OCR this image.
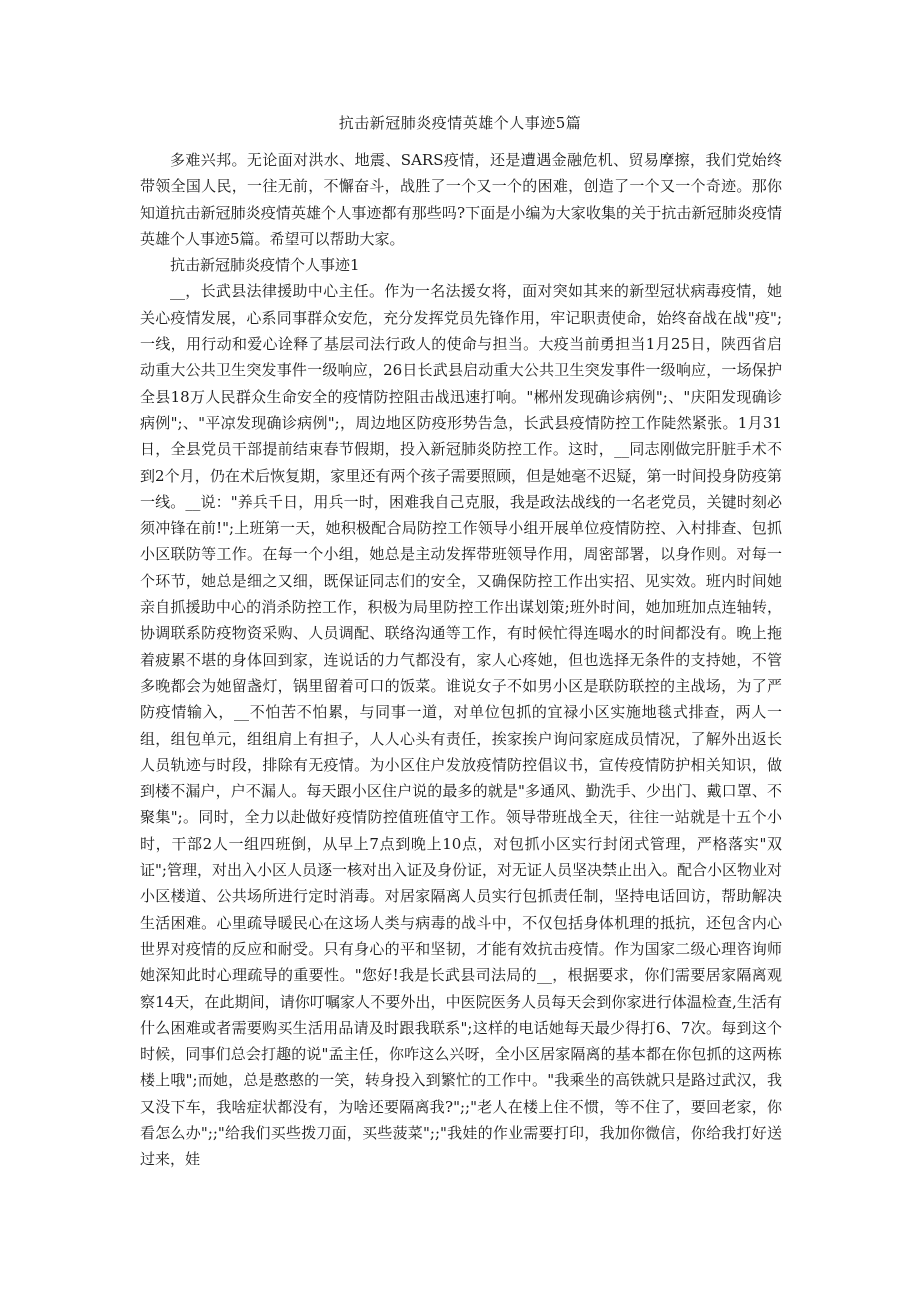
抗击新冠肺炎疫情英雄个人事迹5篇

多难兴邦。无论面对洪水、地震、SARS疫情，还是遭遇金融危机、贸易摩擦，我们党始终带领全国人民，一往无前，不懈奋斗，战胜了一个又一个的困难，创造了一个又一个奇迹。那你知道抗击新冠肺炎疫情英雄个人事迹都有那些吗?下面是小编为大家收集的关于抗击新冠肺炎疫情英雄个人事迹5篇。希望可以帮助大家。

抗击新冠肺炎疫情个人事迹1

__，长武县法律援助中心主任。作为一名法援女将，面对突如其来的新型冠状病毒疫情，她关心疫情发展，心系同事群众安危，充分发挥党员先锋作用，牢记职责使命，始终奋战在战"疫";一线，用行动和爱心诠释了基层司法行政人的使命与担当。大疫当前勇担当1月25日，陕西省启动重大公共卫生突发事件一级响应，26日长武县启动重大公共卫生突发事件一级响应，一场保护全县18万人民群众生命安全的疫情防控阻击战迅速打响。"郴州发现确诊病例";、"庆阳发现确诊病例";、"平凉发现确诊病例";，周边地区防疫形势告急，长武县疫情防控工作陡然紧张。1月31日，全县党员干部提前结束春节假期，投入新冠肺炎防控工作。这时，__同志刚做完肝脏手术不到2个月，仍在术后恢复期，家里还有两个孩子需要照顾，但是她毫不迟疑，第一时间投身防疫第一线。__说："养兵千日，用兵一时，困难我自己克服，我是政法战线的一名老党员，关键时刻必须冲锋在前!";上班第一天，她积极配合局防控工作领导小组开展单位疫情防控、入村排查、包抓小区联防等工作。在每一个小组，她总是主动发挥带班领导作用，周密部署，以身作则。对每一个环节，她总是细之又细，既保证同志们的安全，又确保防控工作出实招、见实效。班内时间她亲自抓援助中心的消杀防控工作，积极为局里防控工作出谋划策;班外时间，她加班加点连轴转，协调联系防疫物资采购、人员调配、联络沟通等工作，有时候忙得连喝水的时间都没有。晚上拖着疲累不堪的身体回到家，连说话的力气都没有，家人心疼她，但也选择无条件的支持她，不管多晚都会为她留盏灯，锅里留着可口的饭菜。谁说女子不如男小区是联防联控的主战场，为了严防疫情输入，__不怕苦不怕累，与同事一道，对单位包抓的宜禄小区实施地毯式排查，两人一组，组包单元，组组肩上有担子，人人心头有责任，挨家挨户询问家庭成员情况，了解外出返长人员轨迹与时段，排除有无疫情。为小区住户发放疫情防控倡议书，宣传疫情防护相关知识，做到楼不漏户，户不漏人。每天跟小区住户说的最多的就是"多通风、勤洗手、少出门、戴口罩、不聚集";。同时，全力以赴做好疫情防控值班值守工作。领导带班战全天，往往一站就是十五个小时，干部2人一组四班倒，从早上7点到晚上10点，对包抓小区实行封闭式管理，严格落实"双证";管理，对出入小区人员逐一核对出入证及身份证，对无证人员坚决禁止出入。配合小区物业对小区楼道、公共场所进行定时消毒。对居家隔离人员实行包抓责任制，坚持电话回访，帮助解决生活困难。心里疏导暖民心在这场人类与病毒的战斗中，不仅包括身体机理的抵抗，还包含内心世界对疫情的反应和耐受。只有身心的平和坚韧，才能有效抗击疫情。作为国家二级心理咨询师她深知此时心理疏导的重要性。"您好!我是长武县司法局的__，根据要求，你们需要居家隔离观察14天，在此期间，请你叮嘱家人不要外出，中医院医务人员每天会到你家进行体温检查,生活有什么困难或者需要购买生活用品请及时跟我联系";这样的电话她每天最少得打6、7次。每到这个时候，同事们总会打趣的说"孟主任，你咋这么兴呀，全小区居家隔离的基本都在你包抓的这两栋楼上哦";而她，总是憨憨的一笑，转身投入到繁忙的工作中。"我乘坐的高铁就只是路过武汉，我又没下车，我啥症状都没有，为啥还要隔离我?";;"老人在楼上住不惯，等不住了，要回老家，你看怎么办";;"给我们买些拨刀面，买些菠菜";;"我娃的作业需要打印，我加你微信，你给我打好送过来，娃
